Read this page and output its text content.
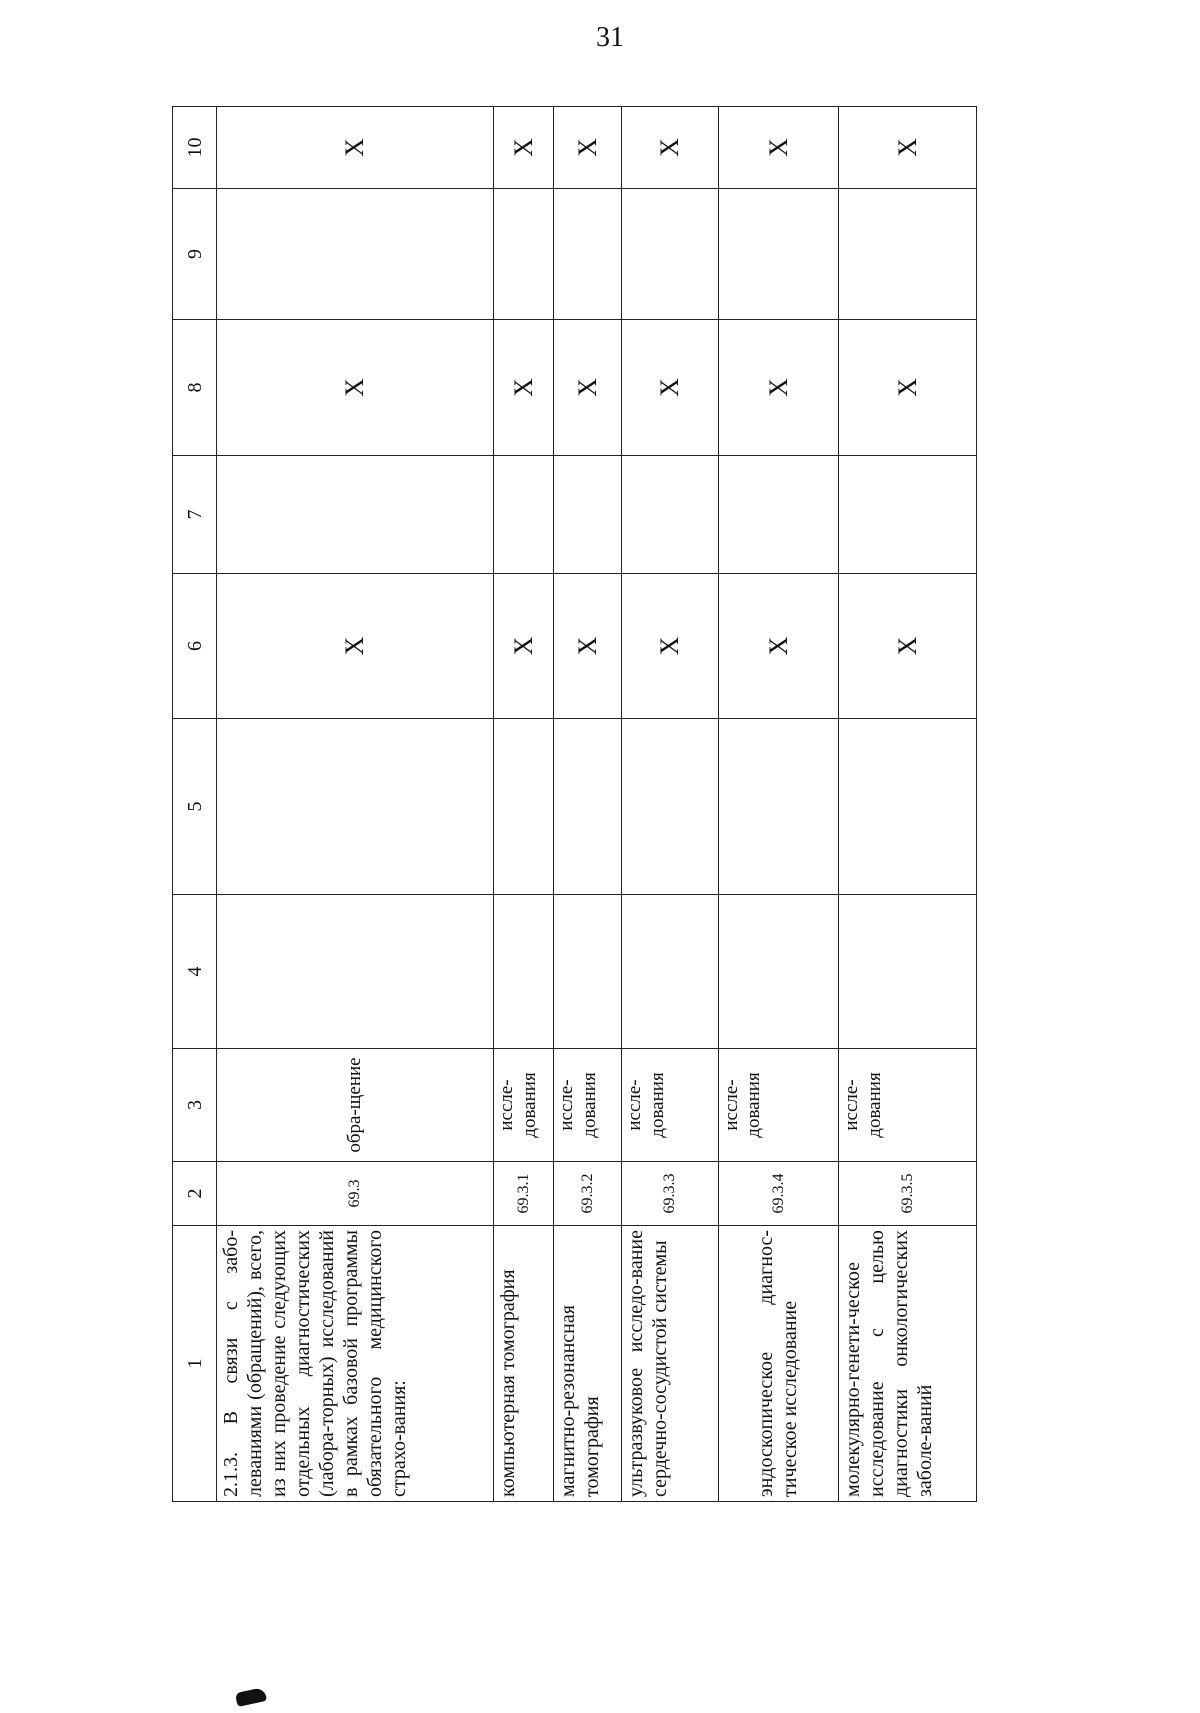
31
1	2	3	4	5	6	7	8	9	10
2.1.3. В связи с забо-левaниями (обращений), всего, из них проведение следующих отдельных диагностических (лабора-торных) исследований в рамках базовой программы обязательного медицинского страхо-вания:	69.3	обра-щение			X		X		X
компьютерная томография	69.3.1	иссле-дования			X		X		X
магнитно-резонансная томография	69.3.2	иссле-дования			X		X		X
ультразвуковое исследо-вание сердечно-сосудистой системы	69.3.3	иссле-дования			X		X		X
эндоскопическое диагнос-тическое исследование	69.3.4	иссле-дования			X		X		X
молекулярно-генети-ческое исследование с целью диагностики онкологических заболе-ваний	69.3.5	иссле-дования			X		X		X
